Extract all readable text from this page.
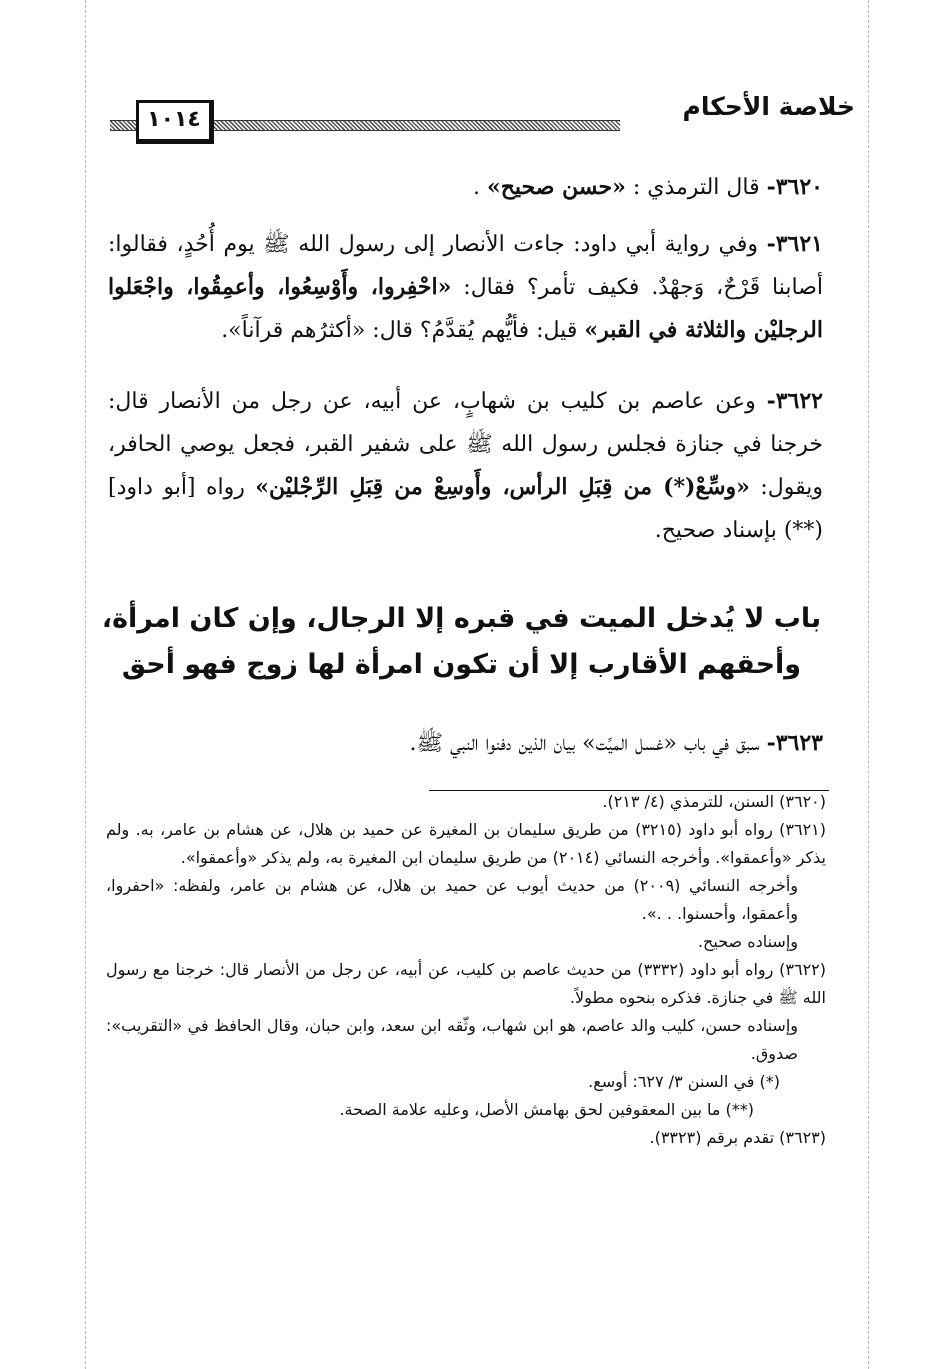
١٠١٤	خلاصة الأحكام
٣٦٢٠- قال الترمذي : «حسن صحيح» .
٣٦٢١- وفي رواية أبي داود: جاءت الأنصار إلى رسول الله ﷺ يوم أُحُدٍ، فقالوا: أصابنا قَرْحٌ، وَجهْدٌ. فكيف تأمر؟ فقال: «احْفِروا، وأَوْسِعُوا، وأعمِقُوا، واجْعَلوا الرجليْن والثلاثة في القبر» قيل: فأيُّهم يُقدَّمُ؟ قال: «أكثرُهم قرآناً».
٣٦٢٢- وعن عاصم بن كليب بن شهابٍ، عن أبيه، عن رجل من الأنصار قال: خرجنا في جنازة فجلس رسول الله ﷺ على شفير القبر، فجعل يوصي الحافر، ويقول: «وسِّعْ(*) من قِبَلِ الرأس، وأَوسِعْ من قِبَلِ الرِّجْليْن» رواه [أبو داود](**) بإسناد صحيح.
باب لا يُدخل الميت في قبره إلا الرجال، وإن كان امرأة، وأحقهم الأقارب إلا أن تكون امرأة لها زوج فهو أحق
٣٦٢٣- سبق في باب «غسل الميِّت» بيان الذين دفنوا النبي ﷺ.
(٣٦٢٠) السنن، للترمذي (٤/ ٢١٣).
(٣٦٢١) رواه أبو داود (٣٢١٥) من طريق سليمان بن المغيرة عن حميد بن هلال، عن هشام بن عامر، به. ولم يذكر «وأعمقوا». وأخرجه النسائي (٢٠١٤) من طريق سليمان ابن المغيرة به، ولم يذكر «وأعمقوا».
وأخرجه النسائي (٢٠٠٩) من حديث أيوب عن حميد بن هلال، عن هشام بن عامر، ولفظه: «احفروا، وأعمقوا، وأحسنوا. . .».
وإسناده صحيح.
(٣٦٢٢) رواه أبو داود (٣٣٣٢) من حديث عاصم بن كليب، عن أبيه، عن رجل من الأنصار قال: خرجنا مع رسول الله ﷺ في جنازة. فذكره بنحوه مطولاً.
وإسناده حسن، كليب والد عاصم، هو ابن شهاب، وثّقه ابن سعد، وابن حبان، وقال الحافظ في «التقريب»: صدوق.
(*) في السنن ٣/ ٦٢٧: أوسع.
(**) ما بين المعقوفين لحق بهامش الأصل، وعليه علامة الصحة.
(٣٦٢٣) تقدم برقم (٣٣٢٣).
